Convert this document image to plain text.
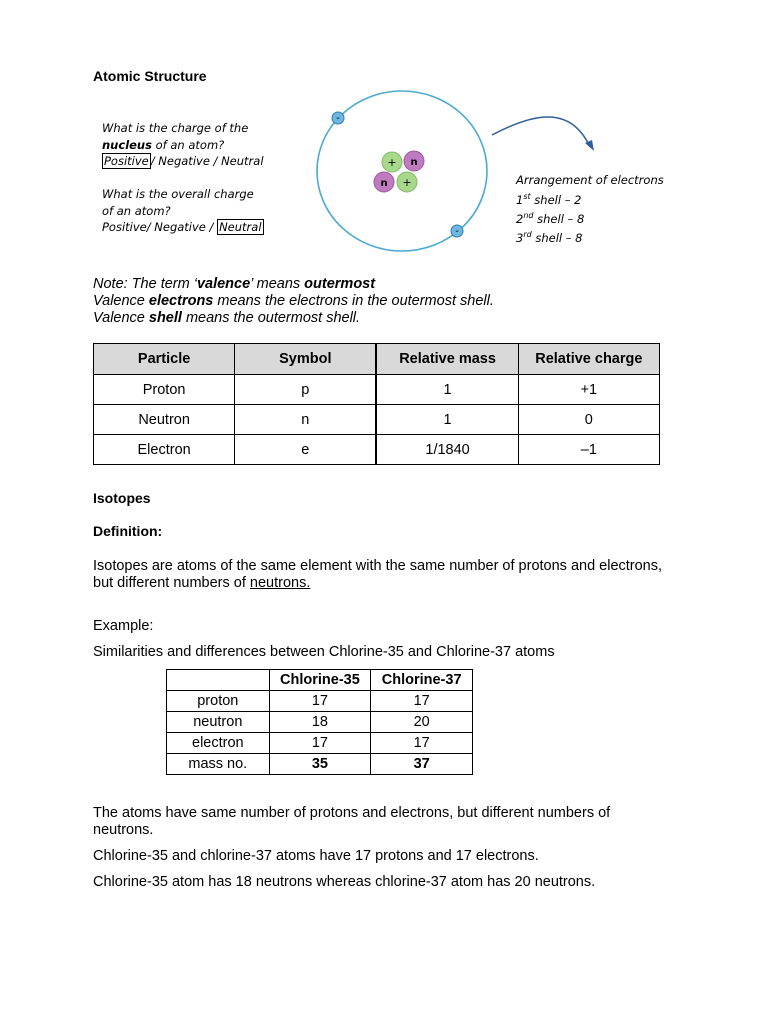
Atomic Structure
What is the charge of the
nucleus of an atom?
Positive / Negative / Neutral
What is the overall charge
of an atom?
Positive/ Negative / Neutral
-
-
+ n
n +	Arrangement of electrons
1st shell – 2
2nd shell – 8
3rd shell – 8
Note: The term ‘valence’ means outermost
Valence electrons means the electrons in the outermost shell.
Valence shell means the outermost shell.
Particle	Symbol	Relative mass	Relative charge
Proton	p	1	+1
Neutron	n	1	0
Electron	e	1/1840	–1
Isotopes
Definition:
Isotopes are atoms of the same element with the same number of protons and electrons,
but different numbers of neutrons.
Example:
Similarities and differences between Chlorine-35 and Chlorine-37 atoms
	Chlorine-35	Chlorine-37
proton	17	17
neutron	18	20
electron	17	17
mass no.	35	37
The atoms have same number of protons and electrons, but different numbers of
neutrons.
Chlorine-35 and chlorine-37 atoms have 17 protons and 17 electrons.
Chlorine-35 atom has 18 neutrons whereas chlorine-37 atom has 20 neutrons.
